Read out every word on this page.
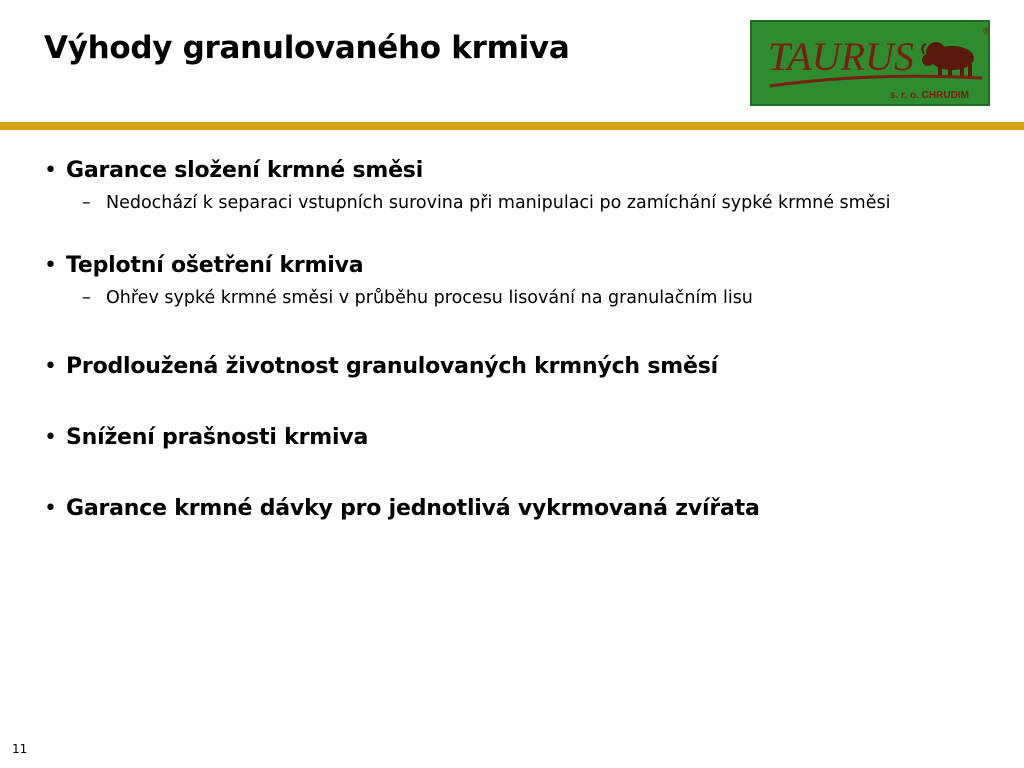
Výhody granulovaného krmiva	TAURUS
®
s. r. o. CHRUDIM
• Garance složení krmné směsi
– Nedochází k separaci vstupních surovina při manipulaci po zamíchání sypké krmné směsi
• Teplotní ošetření krmiva
– Ohřev sypké krmné směsi v průběhu procesu lisování na granulačním lisu
• Prodloužená životnost granulovaných krmných směsí
• Snížení prašnosti krmiva
• Garance krmné dávky pro jednotlivá vykrmovaná zvířata
11
